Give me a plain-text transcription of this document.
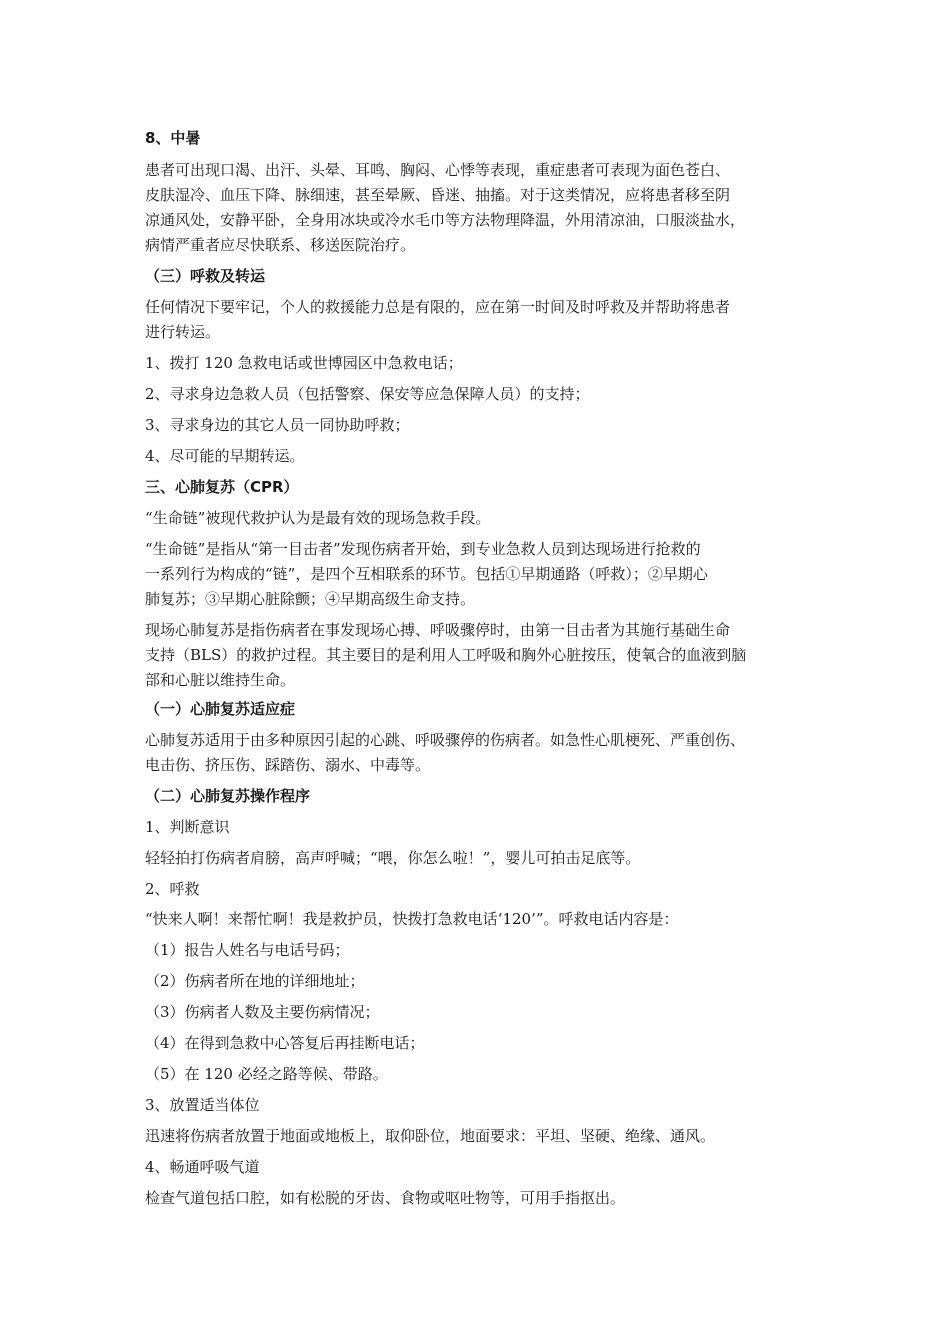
8、中暑

患者可出现口渴、出汗、头晕、耳鸣、胸闷、心悸等表现，重症患者可表现为面色苍白、

皮肤湿冷、血压下降、脉细速，甚至晕厥、昏迷、抽搐。对于这类情况，应将患者移至阴

凉通风处，安静平卧，全身用冰块或冷水毛巾等方法物理降温，外用清凉油，口服淡盐水，

病情严重者应尽快联系、移送医院治疗。

（三）呼救及转运

任何情况下要牢记，个人的救援能力总是有限的，应在第一时间及时呼救及并帮助将患者

进行转运。

1、拨打 120 急救电话或世博园区中急救电话；

2、寻求身边急救人员（包括警察、保安等应急保障人员）的支持；

3、寻求身边的其它人员一同协助呼救；

4、尽可能的早期转运。

三、心肺复苏（CPR）

“生命链”被现代救护认为是最有效的现场急救手段。

“生命链”是指从“第一目击者”发现伤病者开始，到专业急救人员到达现场进行抢救的

一系列行为构成的“链”，是四个互相联系的环节。包括①早期通路（呼救）；②早期心

肺复苏；③早期心脏除颤；④早期高级生命支持。

现场心肺复苏是指伤病者在事发现场心搏、呼吸骤停时，由第一目击者为其施行基础生命

支持（BLS）的救护过程。其主要目的是利用人工呼吸和胸外心脏按压，使氧合的血液到脑

部和心脏以维持生命。

（一）心肺复苏适应症

心肺复苏适用于由多种原因引起的心跳、呼吸骤停的伤病者。如急性心肌梗死、严重创伤、

电击伤、挤压伤、踩踏伤、溺水、中毒等。

（二）心肺复苏操作程序

1、判断意识

轻轻拍打伤病者肩膀，高声呼喊；“喂，你怎么啦！”，婴儿可拍击足底等。

2、呼救

“快来人啊！来帮忙啊！我是救护员，快拨打急救电话‘120’”。呼救电话内容是：

（1）报告人姓名与电话号码；

（2）伤病者所在地的详细地址；

（3）伤病者人数及主要伤病情况；

（4）在得到急救中心答复后再挂断电话；

（5）在 120 必经之路等候、带路。

3、放置适当体位

迅速将伤病者放置于地面或地板上，取仰卧位，地面要求：平坦、坚硬、绝缘、通风。

4、畅通呼吸气道

检查气道包括口腔，如有松脱的牙齿、食物或呕吐物等，可用手指抠出。
